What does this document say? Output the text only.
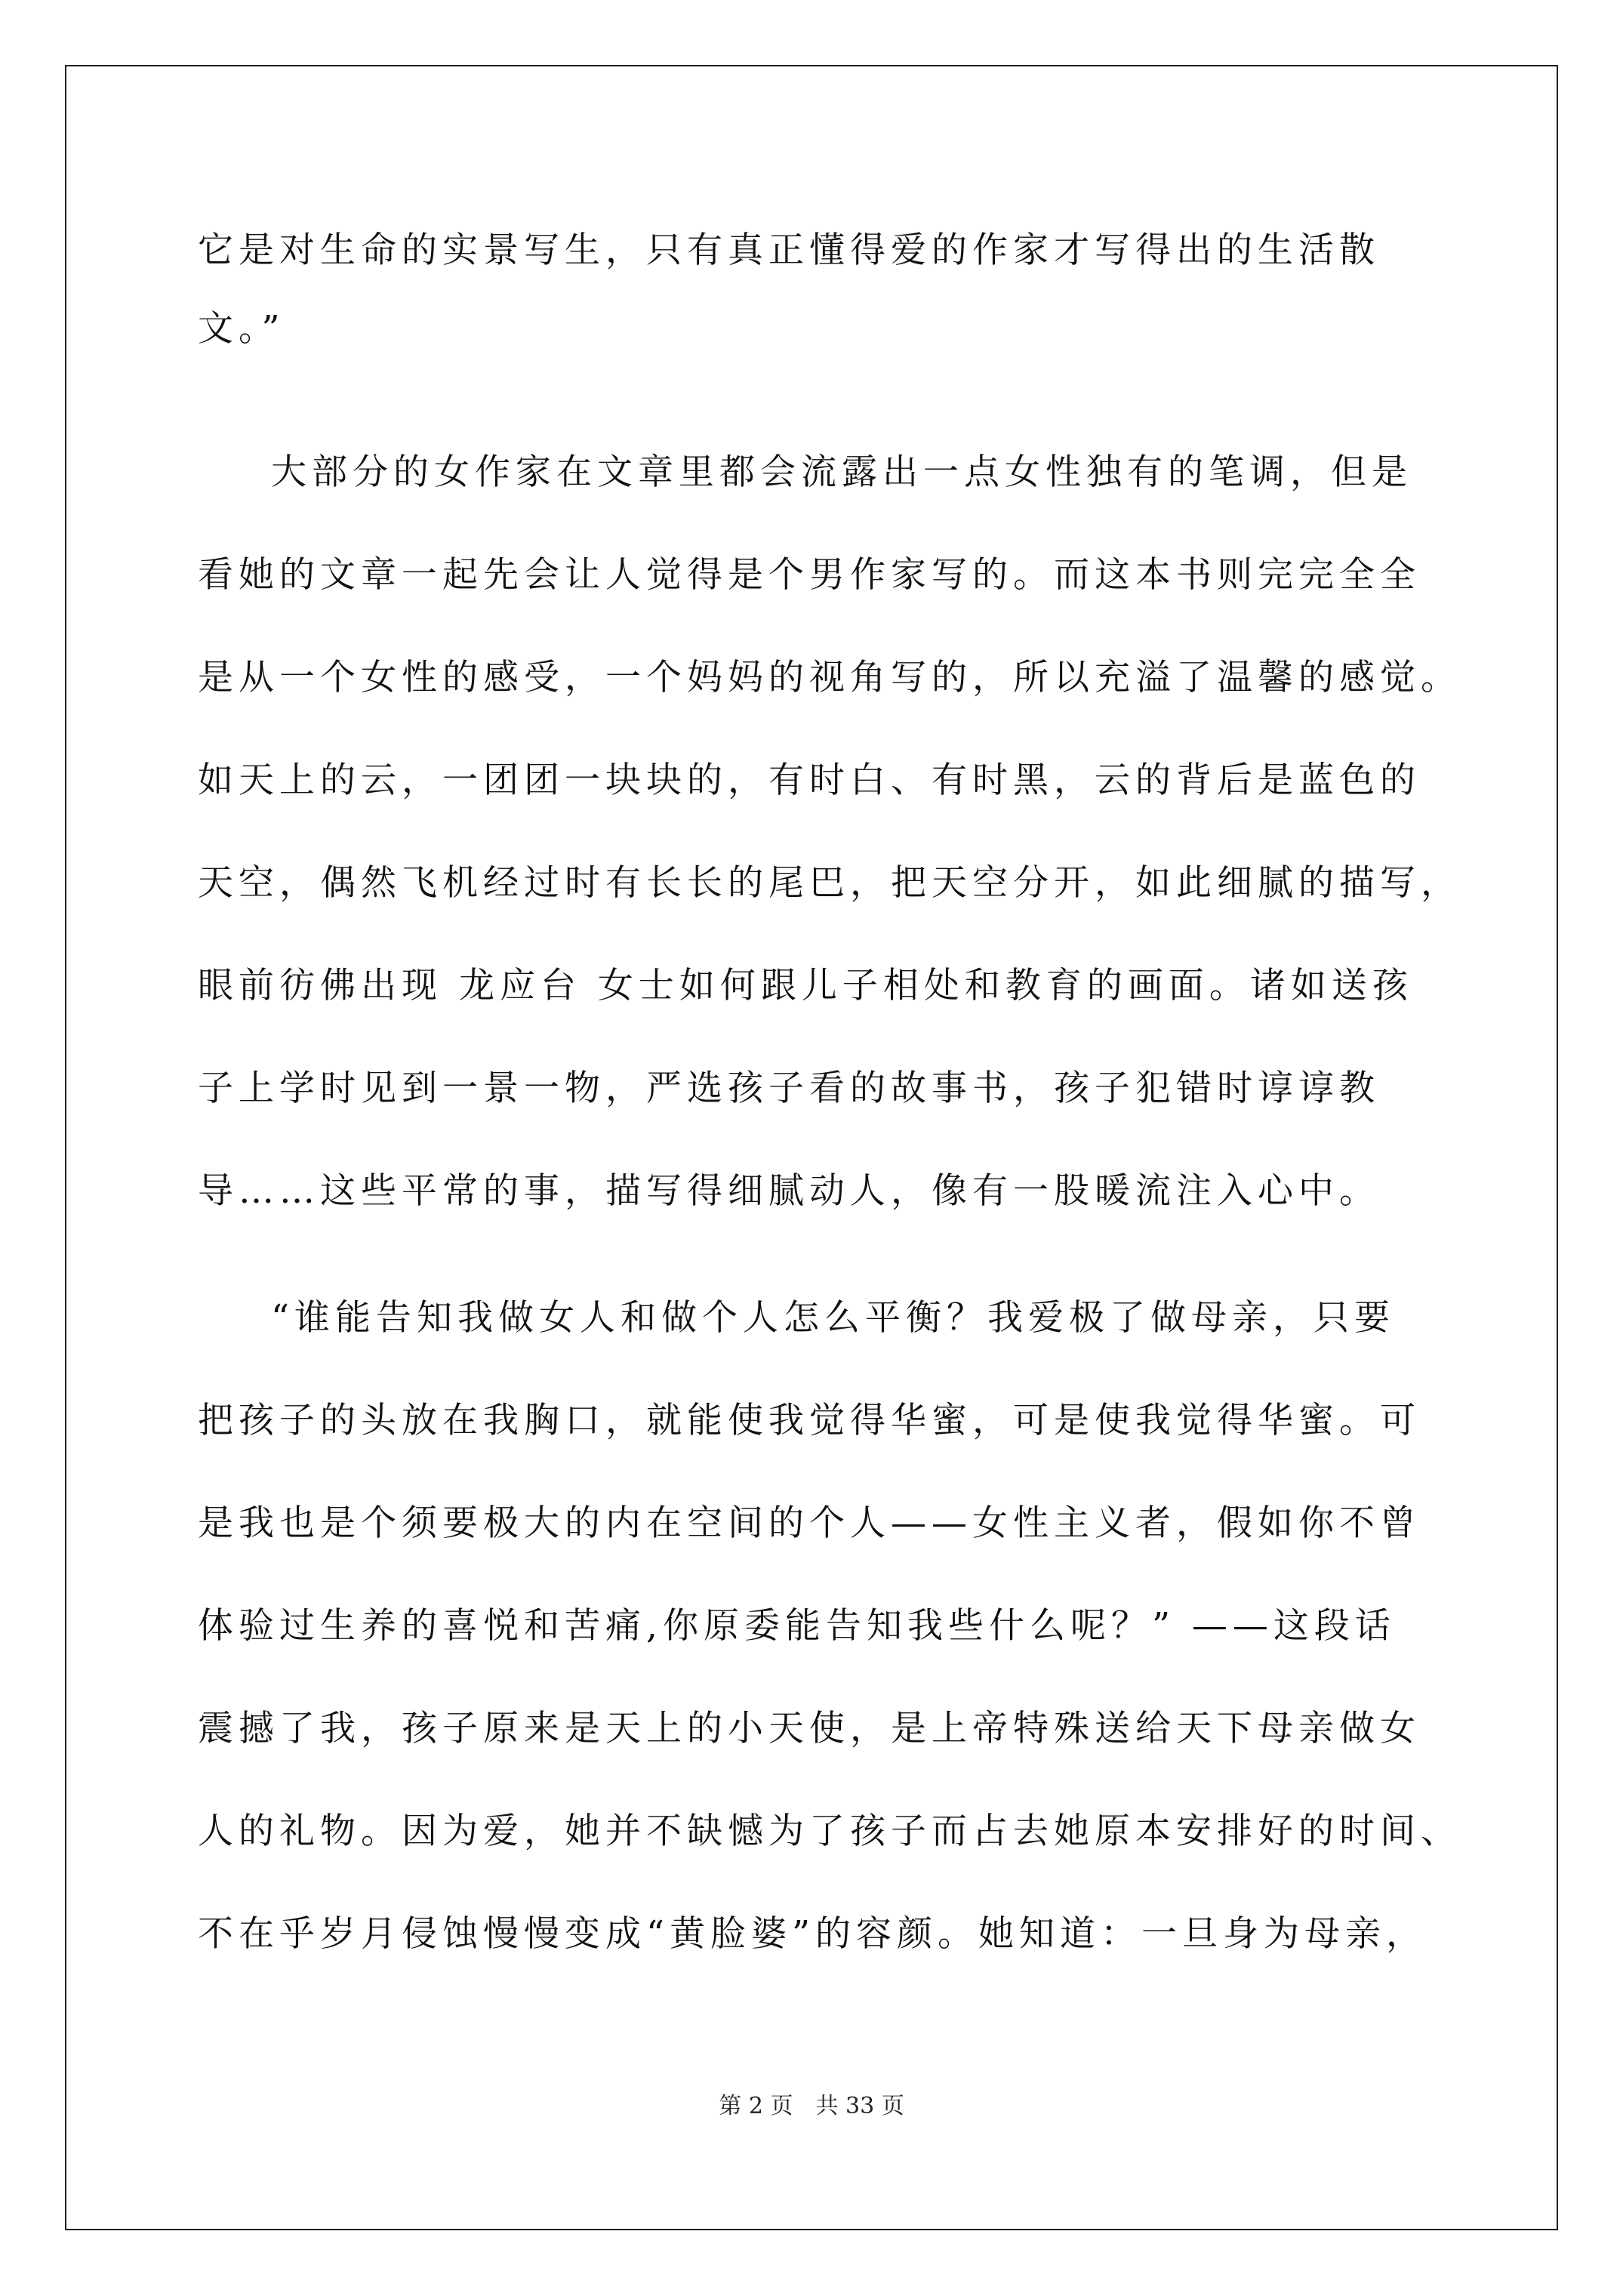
它是对生命的实景写生，只有真正懂得爱的作家才写得出的生活散
文。”
大部分的女作家在文章里都会流露出一点女性独有的笔调，但是
看她的文章一起先会让人觉得是个男作家写的。而这本书则完完全全
是从一个女性的感受，一个妈妈的视角写的，所以充溢了温馨的感觉。
如天上的云，一团团一块块的，有时白、有时黑，云的背后是蓝色的
天空，偶然飞机经过时有长长的尾巴，把天空分开，如此细腻的描写，
眼前彷佛出现 龙应台 女士如何跟儿子相处和教育的画面。诸如送孩
子上学时见到一景一物，严选孩子看的故事书，孩子犯错时谆谆教
导……这些平常的事，描写得细腻动人，像有一股暖流注入心中。
“谁能告知我做女人和做个人怎么平衡？我爱极了做母亲，只要
把孩子的头放在我胸口，就能使我觉得华蜜，可是使我觉得华蜜。可
是我也是个须要极大的内在空间的个人——女性主义者，假如你不曾
体验过生养的喜悦和苦痛,你原委能告知我些什么呢？” ——这段话
震撼了我，孩子原来是天上的小天使，是上帝特殊送给天下母亲做女
人的礼物。因为爱，她并不缺憾为了孩子而占去她原本安排好的时间、
不在乎岁月侵蚀慢慢变成“黄脸婆”的容颜。她知道：一旦身为母亲，
第 2 页 共 33 页
